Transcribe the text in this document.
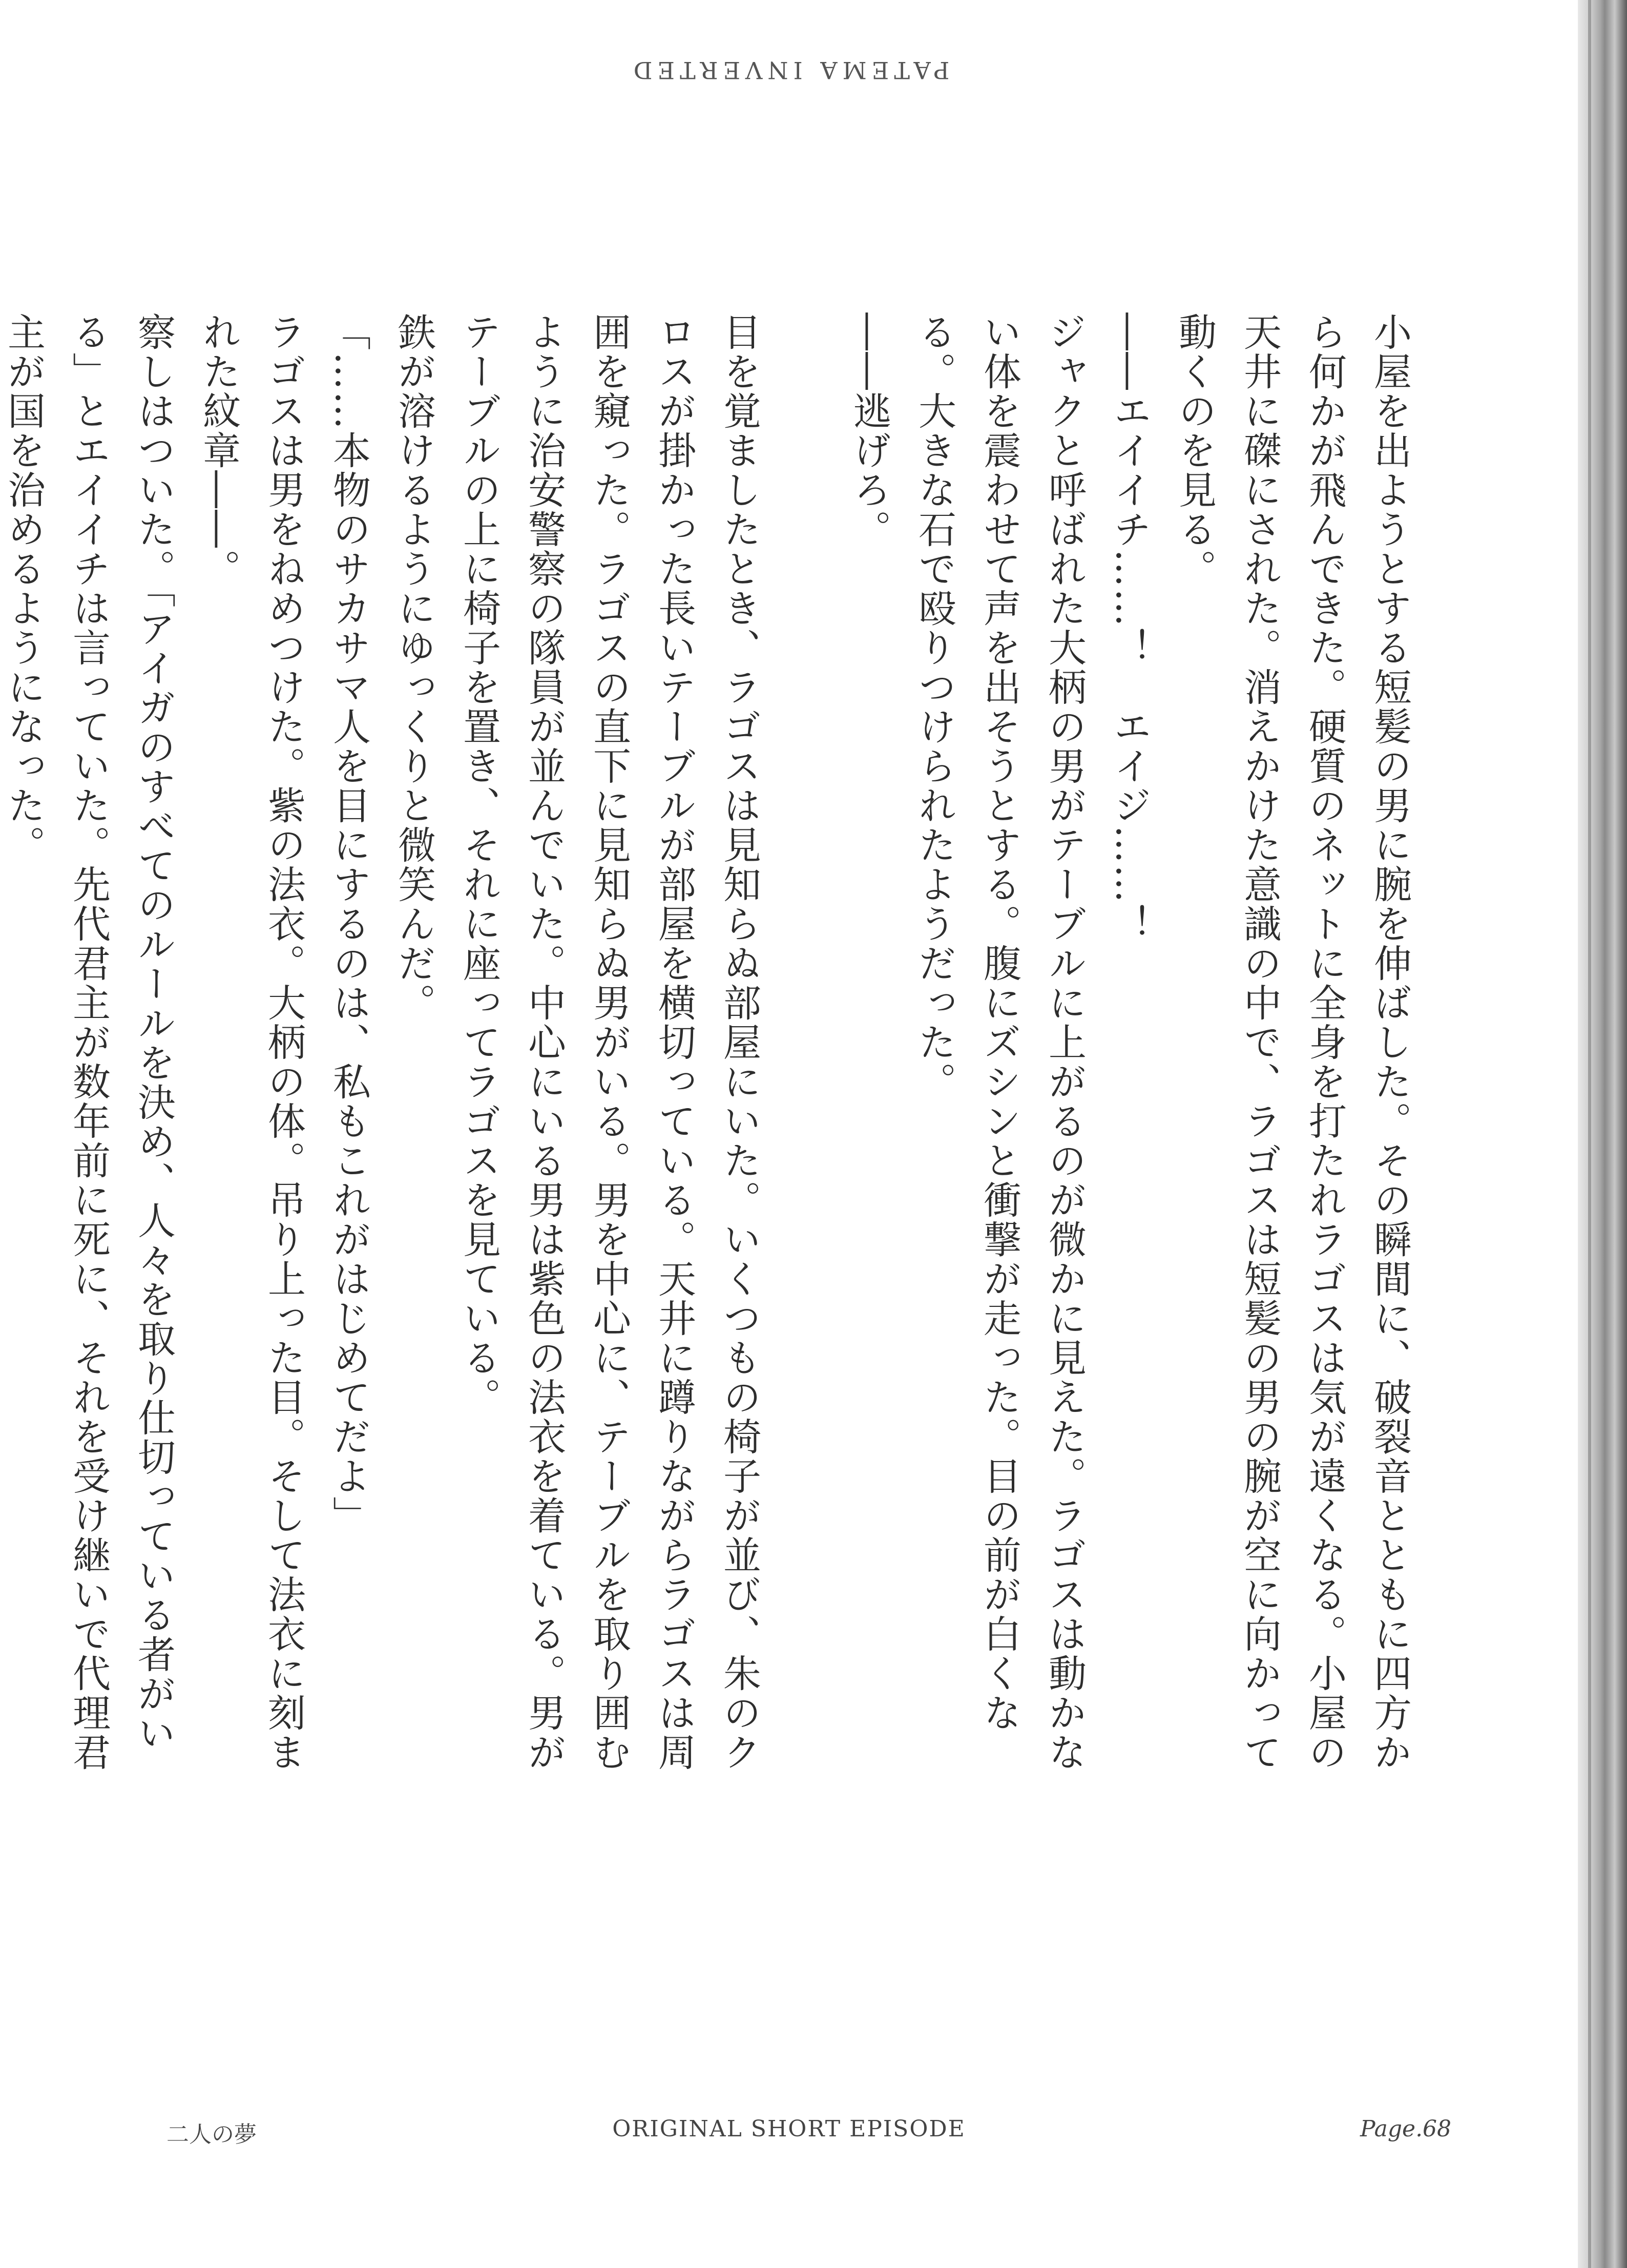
PATEMA INVERTED

小屋を出ようとする短髪の男に腕を伸ばした。その瞬間に、破裂音とともに四方から何かが飛んできた。硬質のネットに全身を打たれラゴスは気が遠くなる。小屋の天井に磔にされた。消えかけた意識の中で、ラゴスは短髪の男の腕が空に向かって動くのを見る。

――エイイチ……！　エイジ……！

ジャクと呼ばれた大柄の男がテーブルに上がるのが微かに見えた。ラゴスは動かない体を震わせて声を出そうとする。腹にズシンと衝撃が走った。目の前が白くなる。大きな石で殴りつけられたようだった。

――逃げろ。

目を覚ましたとき、ラゴスは見知らぬ部屋にいた。いくつもの椅子が並び、朱のクロスが掛かった長いテーブルが部屋を横切っている。天井に蹲りながらラゴスは周囲を窺った。ラゴスの直下に見知らぬ男がいる。男を中心に、テーブルを取り囲むように治安警察の隊員が並んでいた。中心にいる男は紫色の法衣を着ている。男がテーブルの上に椅子を置き、それに座ってラゴスを見ている。

鉄が溶けるようにゆっくりと微笑んだ。

「……本物のサカサマ人を目にするのは、私もこれがはじめてだよ」

ラゴスは男をねめつけた。紫の法衣。大柄の体。吊り上った目。そして法衣に刻まれた紋章――。

察しはついた。「アイガのすべてのルールを決め、人々を取り仕切っている者がいる」とエイイチは言っていた。先代君主が数年前に死に、それを受け継いで代理君主が国を治めるようになった。

二人の夢	ORIGINAL SHORT EPISODE	Page.68
